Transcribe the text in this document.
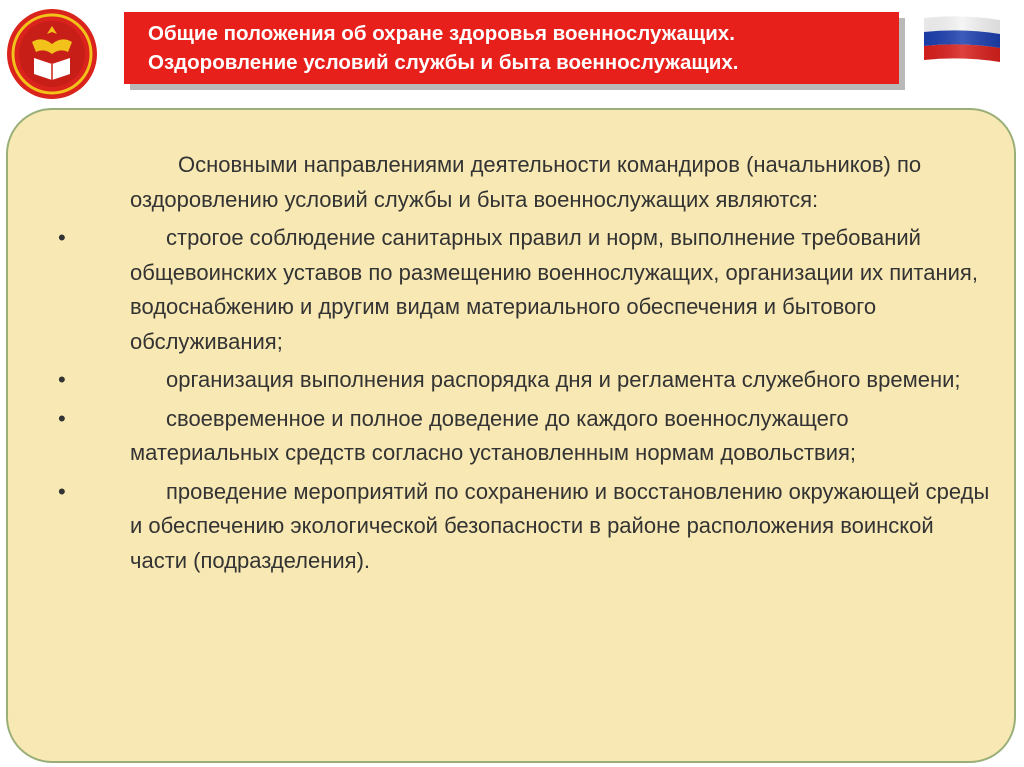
Общие положения об охране здоровья военнослужащих.
Оздоровление условий службы и быта военнослужащих.

Основными направлениями деятельности командиров (начальников) по оздоровлению условий службы и быта военнослужащих являются:

•	строгое соблюдение санитарных правил и норм, выполнение требований общевоинских уставов по размещению военнослужащих, организации их питания, водоснабжению и другим видам материального обеспечения и бытового обслуживания;

•	организация выполнения распорядка дня и регламента служебного времени;

•	своевременное и полное доведение до каждого военнослужащего материальных средств согласно установленным нормам довольствия;

•	проведение мероприятий по сохранению и восстановлению окружающей среды и обеспечению экологической безопасности в районе расположения воинской части (подразделения).
